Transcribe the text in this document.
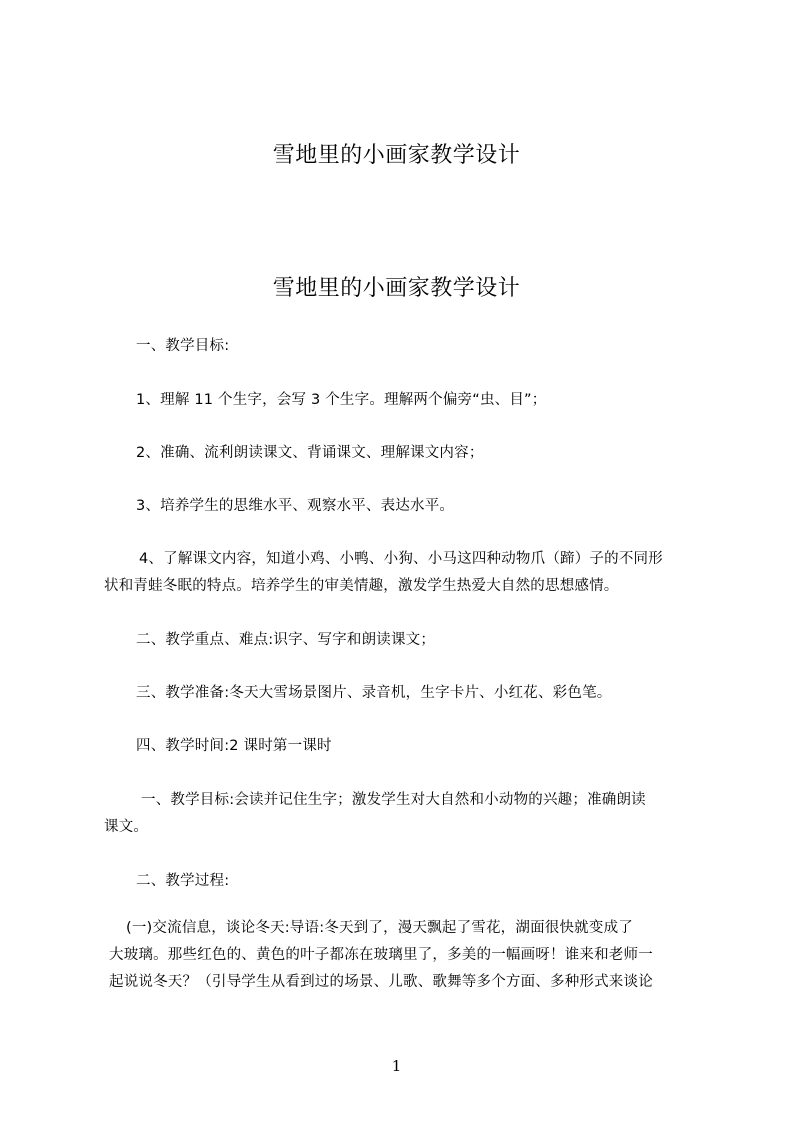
雪地里的小画家教学设计
雪地里的小画家教学设计
一、教学目标:
1、理解 11 个生字，会写 3 个生字。理解两个偏旁“虫、目”；
2、准确、流利朗读课文、背诵课文、理解课文内容；
3、培养学生的思维水平、观察水平、表达水平。
4、了解课文内容，知道小鸡、小鸭、小狗、小马这四种动物爪（蹄）子的不同形
状和青蛙冬眠的特点。培养学生的审美情趣，激发学生热爱大自然的思想感情。
二、教学重点、难点:识字、写字和朗读课文；
三、教学准备:冬天大雪场景图片、录音机，生字卡片、小红花、彩色笔。
四、教学时间:2 课时第一课时
一、教学目标:会读并记住生字；激发学生对大自然和小动物的兴趣；准确朗读
课文。
二、教学过程:
(一)交流信息，谈论冬天:导语:冬天到了，漫天飘起了雪花，湖面很快就变成了
大玻璃。那些红色的、黄色的叶子都冻在玻璃里了，多美的一幅画呀！谁来和老师一
起说说冬天？（引导学生从看到过的场景、儿歌、歌舞等多个方面、多种形式来谈论
1
